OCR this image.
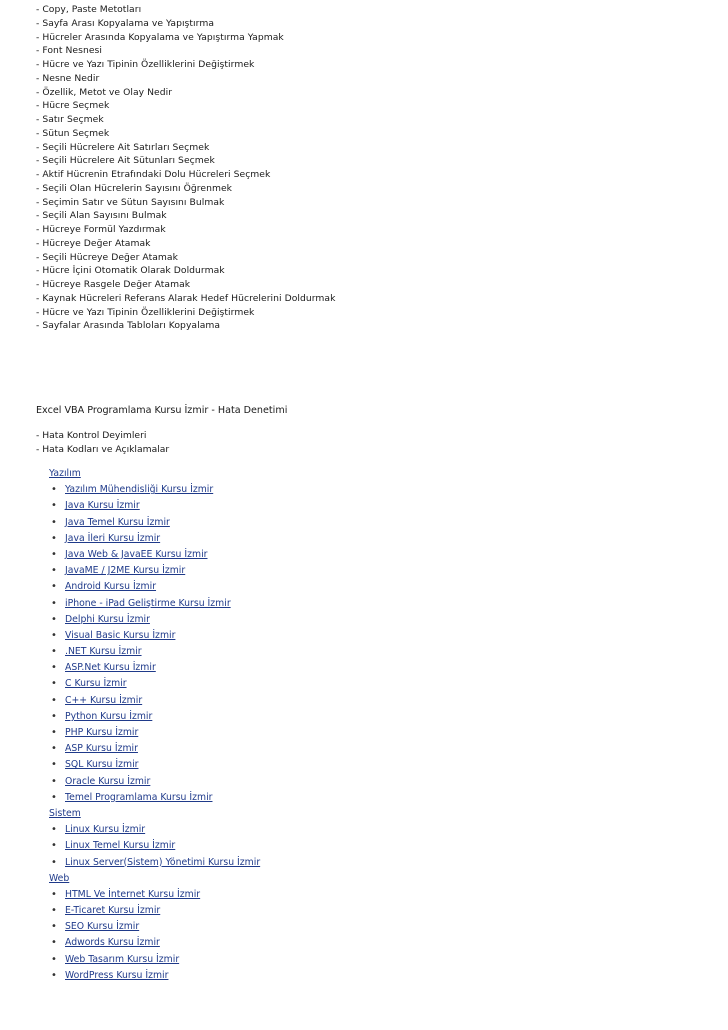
- Copy, Paste Metotları
- Sayfa Arası Kopyalama ve Yapıştırma
- Hücreler Arasında Kopyalama ve Yapıştırma Yapmak
- Font Nesnesi
- Hücre ve Yazı Tipinin Özelliklerini Değiştirmek
- Nesne Nedir
- Özellik, Metot ve Olay Nedir
- Hücre Seçmek
- Satır Seçmek
- Sütun Seçmek
- Seçili Hücrelere Ait Satırları Seçmek
- Seçili Hücrelere Ait Sütunları Seçmek
- Aktif Hücrenin Etrafındaki Dolu Hücreleri Seçmek
- Seçili Olan Hücrelerin Sayısını Öğrenmek
- Seçimin Satır ve Sütun Sayısını Bulmak
- Seçili Alan Sayısını Bulmak
- Hücreye Formül Yazdırmak
- Hücreye Değer Atamak
- Seçili Hücreye Değer Atamak
- Hücre İçini Otomatik Olarak Doldurmak
- Hücreye Rasgele Değer Atamak
- Kaynak Hücreleri Referans Alarak Hedef Hücrelerini Doldurmak
- Hücre ve Yazı Tipinin Özelliklerini Değiştirmek
- Sayfalar Arasında Tabloları Kopyalama
Excel VBA Programlama Kursu İzmir - Hata Denetimi
- Hata Kontrol Deyimleri
- Hata Kodları ve Açıklamalar
Yazılım
• Yazılım Mühendisliği Kursu İzmir
• Java Kursu İzmir
• Java Temel Kursu İzmir
• Java İleri Kursu İzmir
• Java Web & JavaEE Kursu İzmir
• JavaME / J2ME Kursu İzmir
• Android Kursu İzmir
• iPhone - iPad Geliştirme Kursu İzmir
• Delphi Kursu İzmir
• Visual Basic Kursu İzmir
• .NET Kursu İzmir
• ASP.Net Kursu İzmir
• C Kursu İzmir
• C++ Kursu İzmir
• Python Kursu İzmir
• PHP Kursu İzmir
• ASP Kursu İzmir
• SQL Kursu İzmir
• Oracle Kursu İzmir
• Temel Programlama Kursu İzmir
Sistem
• Linux Kursu İzmir
• Linux Temel Kursu İzmir
• Linux Server(Sistem) Yönetimi Kursu İzmir
Web
• HTML Ve İnternet Kursu İzmir
• E-Ticaret Kursu İzmir
• SEO Kursu İzmir
• Adwords Kursu İzmir
• Web Tasarım Kursu İzmir
• WordPress Kursu İzmir
